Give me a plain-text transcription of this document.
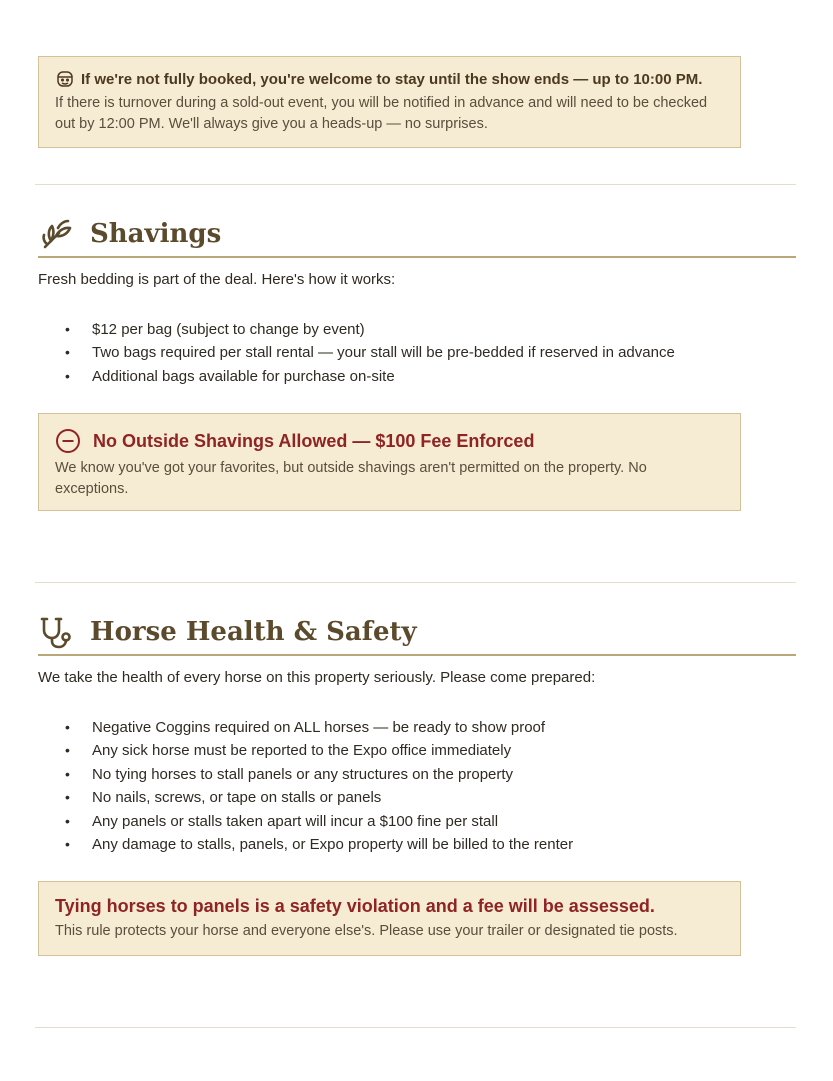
If we're not fully booked, you're welcome to stay until the show ends — up to 10:00 PM.
If there is turnover during a sold-out event, you will be notified in advance and will need to be checked out by 12:00 PM. We'll always give you a heads-up — no surprises.
Shavings
Fresh bedding is part of the deal. Here's how it works:
• $12 per bag (subject to change by event)
• Two bags required per stall rental — your stall will be pre-bedded if reserved in advance
• Additional bags available for purchase on-site
No Outside Shavings Allowed — $100 Fee Enforced
We know you've got your favorites, but outside shavings aren't permitted on the property. No exceptions.
Horse Health & Safety
We take the health of every horse on this property seriously. Please come prepared:
• Negative Coggins required on ALL horses — be ready to show proof
• Any sick horse must be reported to the Expo office immediately
• No tying horses to stall panels or any structures on the property
• No nails, screws, or tape on stalls or panels
• Any panels or stalls taken apart will incur a $100 fine per stall
• Any damage to stalls, panels, or Expo property will be billed to the renter
Tying horses to panels is a safety violation and a fee will be assessed.
This rule protects your horse and everyone else's. Please use your trailer or designated tie posts.
